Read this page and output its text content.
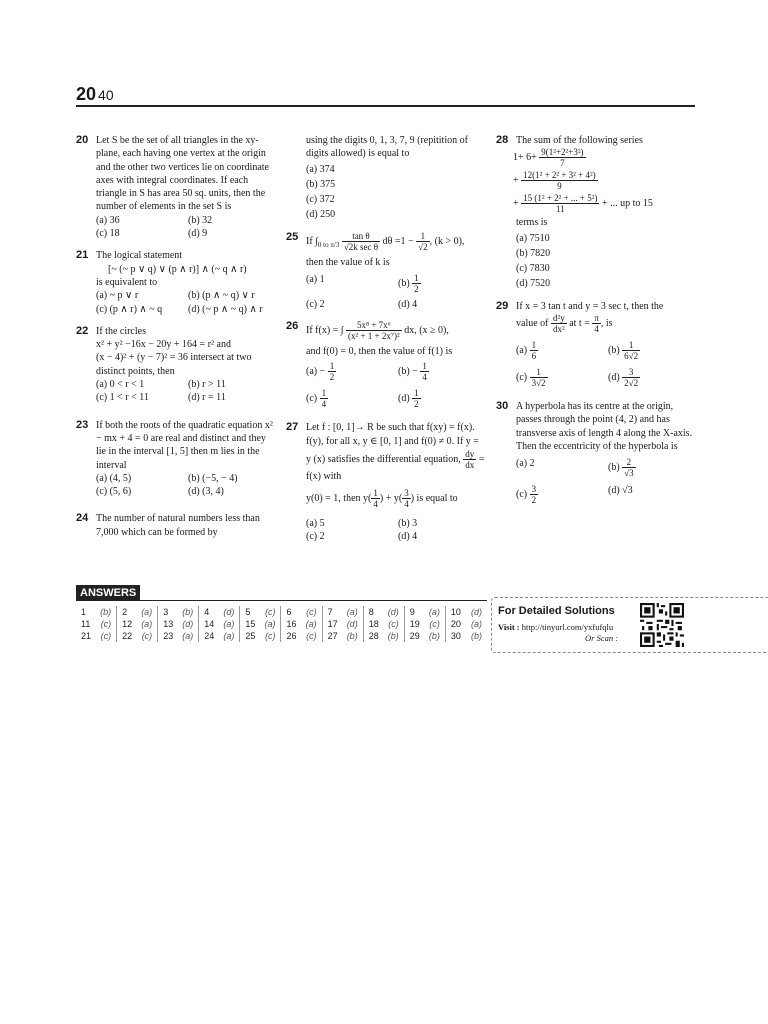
20 40
20 Let S be the set of all triangles in the xy-plane, each having one vertex at the origin and the other two vertices lie on coordinate axes with integral coordinates. If each triangle in S has area 50 sq. units, then the number of elements in the set S is
(a) 36	(b) 32
(c) 18	(d) 9
21 The logical statement
[~ (~ p ∨ q) ∨ (p ∧ r)] ∧ (~ q ∧ r)
is equivalent to
(a) ~ p ∨ r	(b) (p ∧ ~ q) ∨ r
(c) (p ∧ r) ∧ ~ q	(d) (~ p ∧ ~ q) ∧ r
22 If the circles
x² + y² −16x − 20y + 164 = r² and
(x − 4)² + (y − 7)² = 36 intersect at two distinct points, then
(a) 0 < r < 1	(b) r > 11
(c) 1 < r < 11	(d) r = 11
23 If both the roots of the quadratic equation x² − mx + 4 = 0 are real and distinct and they lie in the interval [1, 5] then m lies in the interval
(a) (4, 5)	(b) (−5, − 4)
(c) (5, 6)	(d) (3, 4)
24 The number of natural numbers less than 7,000 which can be formed by
using the digits 0, 1, 3, 7, 9 (repitition of digits allowed) is equal to
(a) 374
(b) 375
(c) 372
(d) 250
25 If $\int_{0 to \pi/3} \frac{\text{tan θ}}{\text{√2k sec θ}}$ $d\theta =1 - \frac{1}{√2}$ , (k > 0),
then the value of k is
(a) 1	$(b) \frac{1}{2}$
(c) 2	(d) 4
26 If f(x) = ∫ $\frac{\text{5x⁸ + 7x⁶}}{\text{(x² + 1 + 2x⁷)²}}$ dx, (x ≥ 0),
and f(0) = 0, then the value of f(1) is
$(a) - \frac{1}{2}$	$(b) - \frac{1}{4}$
$(c) \frac{1}{4}$	$(d) \frac{1}{2}$
27 Let f : [0, 1]→ R be such that f(xy) = f(x). f(y), for all x, y ∈ [0, 1] and f(0) ≠ 0. If y = y (x) satisfies the differential equation, $\frac{dy}{dx} = f(x)$ with
y(0) = 1, then $y( \frac{1}{4}$ ) + $y( \frac{3}{4}$ ) is equal to
(a) 5	(b) 3
(c) 2	(d) 4
28 The sum of the following series
$1+ 6+ \frac{\text{9(1²+2²+3²)}}{7}$
+ $\frac{\text{12(1² + 2² + 3² + 4²)}}{9}$
+ $\frac{\text{15 (1² + 2² + ... + 5²)}}{11}$ + ... up to 15
terms is
(a) 7510
(b) 7820
(c) 7830
(d) 7520
29 If x = 3 tan t and y = 3 sec t, then the
value of $\frac{\text{d²y}}{\text{dx²}}$ at $t = \frac{\pi}{4}$ , is
$(a) \frac{1}{6}$	$(b) \frac{1}{6√2}$
$(c) \frac{1}{3√2}$	$(d) \frac{3}{2√2}$
30 A hyperbola has its centre at the origin, passes through the point (4, 2) and has transverse axis of length 4 along the X-axis. Then the eccentricity of the hyperbola is
(a) 2	$(b) \frac{2}{√3}$
$(c) \frac{3}{2}$	(d) √3
ANSWERS
1 (b) 2 (a) 3 (b) 4 (d) 5 (c) 6 (c) 7 (a) 8 (d) 9 (a) 10 (d)
11 (c) 12 (a) 13 (d) 14 (a) 15 (a) 16 (a) 17 (d) 18 (c) 19 (c) 20 (a)
21 (c) 22 (c) 23 (a) 24 (a) 25 (c) 26 (c) 27 (b) 28 (b) 29 (b) 30 (b)
For Detailed Solutions
Visit : http://tinyurl.com/yxfufqlu
Or Scan :
